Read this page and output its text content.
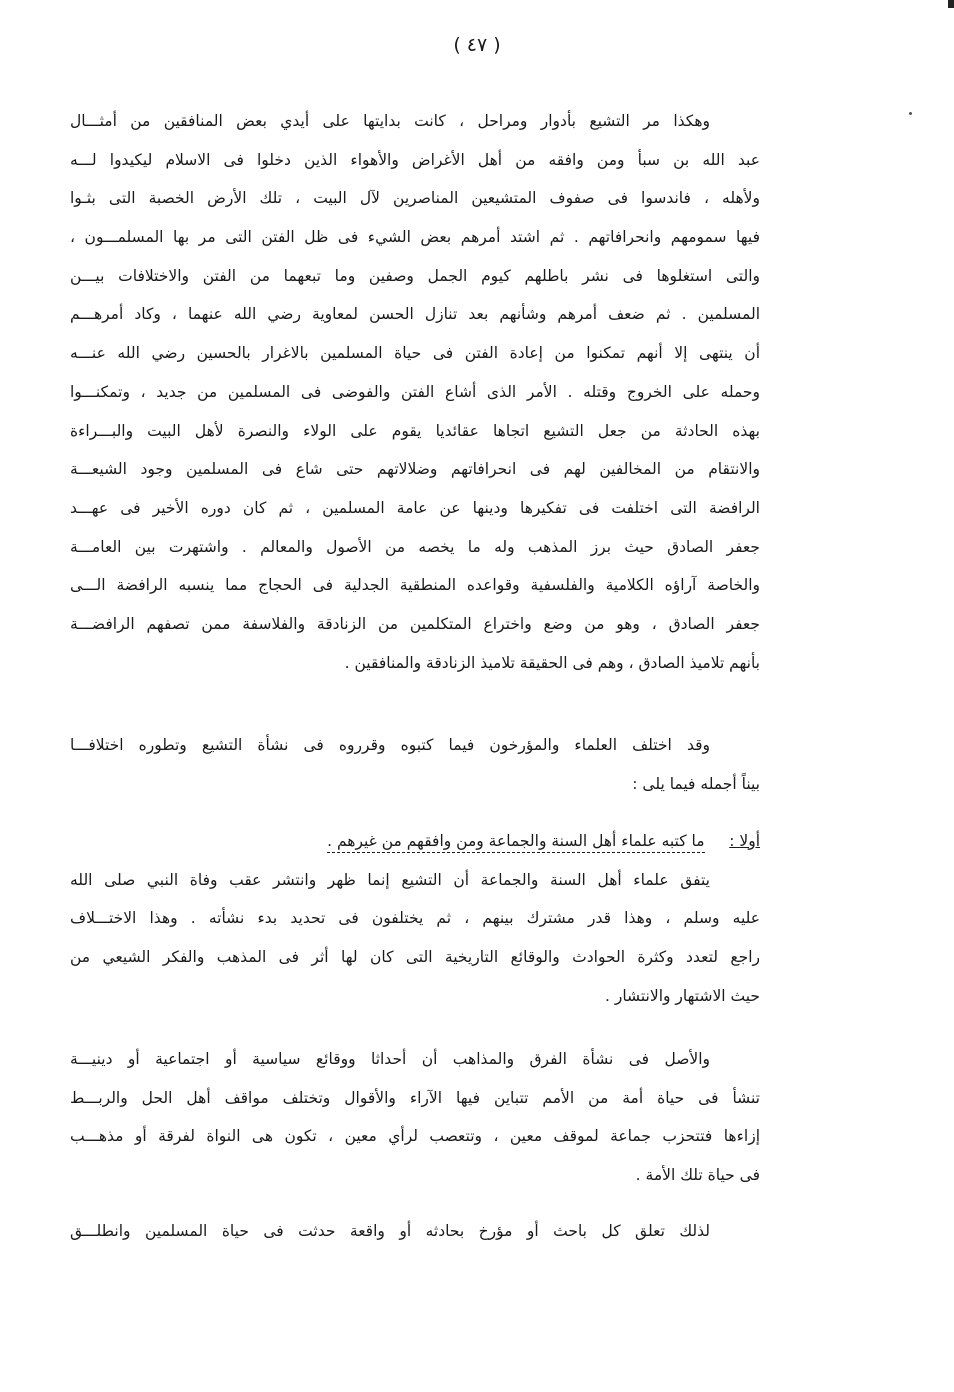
( ٤٧ )
وهكذا مر التشيع بأدوار ومراحل ، كانت بدايتها على أيدي بعض المنافقين من أمثـــال
عبد الله بن سبأ ومن وافقه من أهل الأغراض والأهواء الذين دخلوا فى الاسلام ليكيدوا لـــه
ولأهله ، فاندسوا فى صفوف المتشيعين المناصرين لآل البيت ، تلك الأرض الخصبة التى بثـوا
فيها سمومهم وانحرافاتهم . ثم اشتد أمرهم بعض الشيء فى ظل الفتن التى مر بها المسلمـــون ،
والتى استغلوها فى نشر باطلهم كيوم الجمل وصفين وما تبعهما من الفتن والاختلافات بيـــن
المسلمين . ثم ضعف أمرهم وشأنهم بعد تنازل الحسن لمعاوية رضي الله عنهما ، وكاد أمرهـــم
أن ينتهى إلا أنهم تمكنوا من إعادة الفتن فى حياة المسلمين بالاغرار بالحسين رضي الله عنـــه
وحمله على الخروج وقتله . الأمر الذى أشاع الفتن والفوضى فى المسلمين من جديد ، وتمكنـــوا
بهذه الحادثة من جعل التشيع اتجاها عقائديا يقوم على الولاء والنصرة لأهل البيت والبـــراءة
والانتقام من المخالفين لهم فى انحرافاتهم وضلالاتهم حتى شاع فى المسلمين وجود الشيعـــة
الرافضة التى اختلفت فى تفكيرها ودينها عن عامة المسلمين ، ثم كان دوره الأخير فى عهـــد
جعفر الصادق حيث برز المذهب وله ما يخصه من الأصول والمعالم . واشتهرت بين العامـــة
والخاصة آراؤه الكلامية والفلسفية وقواعده المنطقية الجدلية فى الحجاج مما ينسبه الرافضة الـــى
جعفر الصادق ، وهو من وضع واختراع المتكلمين من الزنادقة والفلاسفة ممن تصفهم الرافضـــة
بأنهم تلاميذ الصادق ، وهم فى الحقيقة تلاميذ الزنادقة والمنافقين .
وقد اختلف العلماء والمؤرخون فيما كتبوه وقرروه فى نشأة التشيع وتطوره اختلافـــا
بيناً أجمله فيما يلى :
أولا :     ما كتبه علماء أهل السنة والجماعة ومن وافقهم من غيرهم .
يتفق علماء أهل السنة والجماعة أن التشيع إنما ظهر وانتشر عقب وفاة النبي صلى الله
عليه وسلم ، وهذا قدر مشترك بينهم ، ثم يختلفون فى تحديد بدء نشأته . وهذا الاختـــلاف
راجع لتعدد وكثرة الحوادث والوقائع التاريخية التى كان لها أثر فى المذهب والفكر الشيعي من
حيث الاشتهار والانتشار .
والأصل فى نشأة الفرق والمذاهب أن أحداثا ووقائع سياسية أو اجتماعية أو دينيـــة
تنشأ فى حياة أمة من الأمم تتباين فيها الآراء والأقوال وتختلف مواقف أهل الحل والربـــط
إزاءها فتتحزب جماعة لموقف معين ، وتتعصب لرأي معين ، تكون هى النواة لفرقة أو مذهـــب
فى حياة تلك الأمة .
لذلك تعلق كل باحث أو مؤرخ بحادثه أو واقعة حدثت فى حياة المسلمين وانطلـــق
